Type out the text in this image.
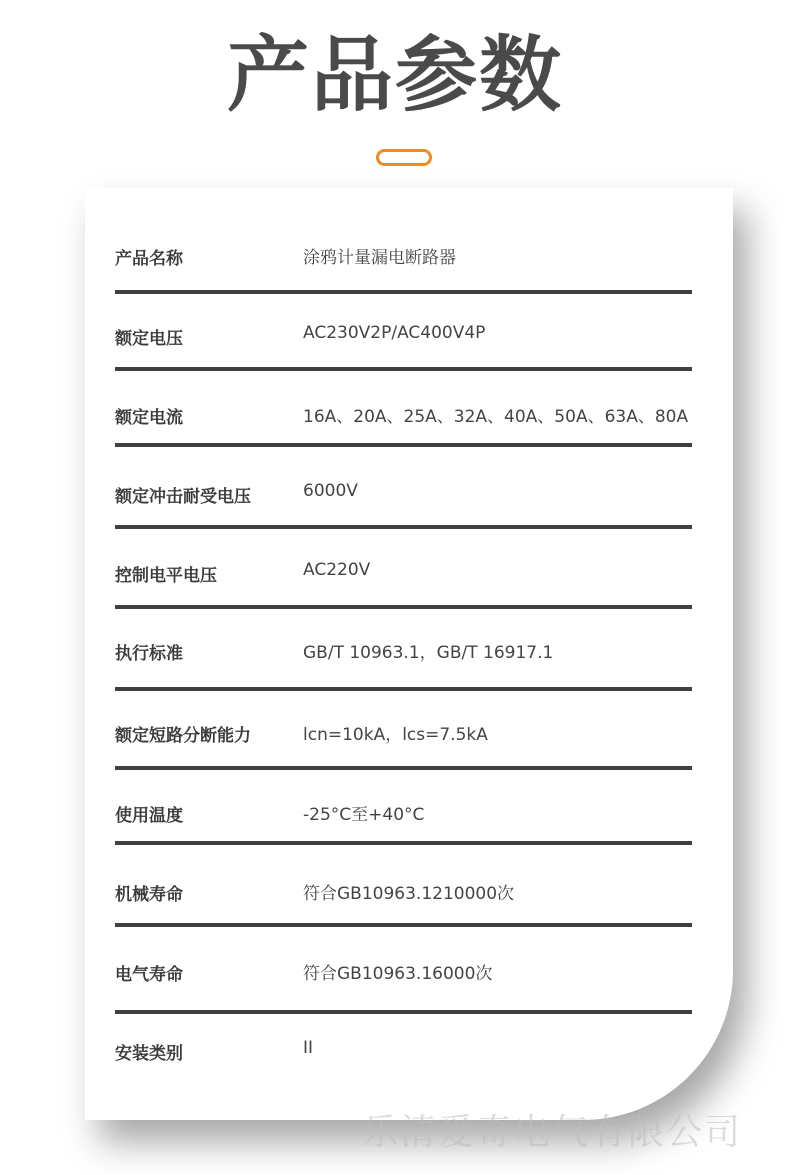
产品参数
产品名称	涂鸦计量漏电断路器
额定电压	AC230V2P/AC400V4P
额定电流	16A、20A、25A、32A、40A、50A、63A、80A
额定冲击耐受电压	6000V
控制电平电压	AC220V
执行标准	GB/T 10963.1，GB/T 16917.1
额定短路分断能力	lcn=10kA，lcs=7.5kA
使用温度	-25°C至+40°C
机械寿命	符合GB10963.1210000次
电气寿命	符合GB10963.16000次
安装类别	II
乐清爱奇电气有限公司
